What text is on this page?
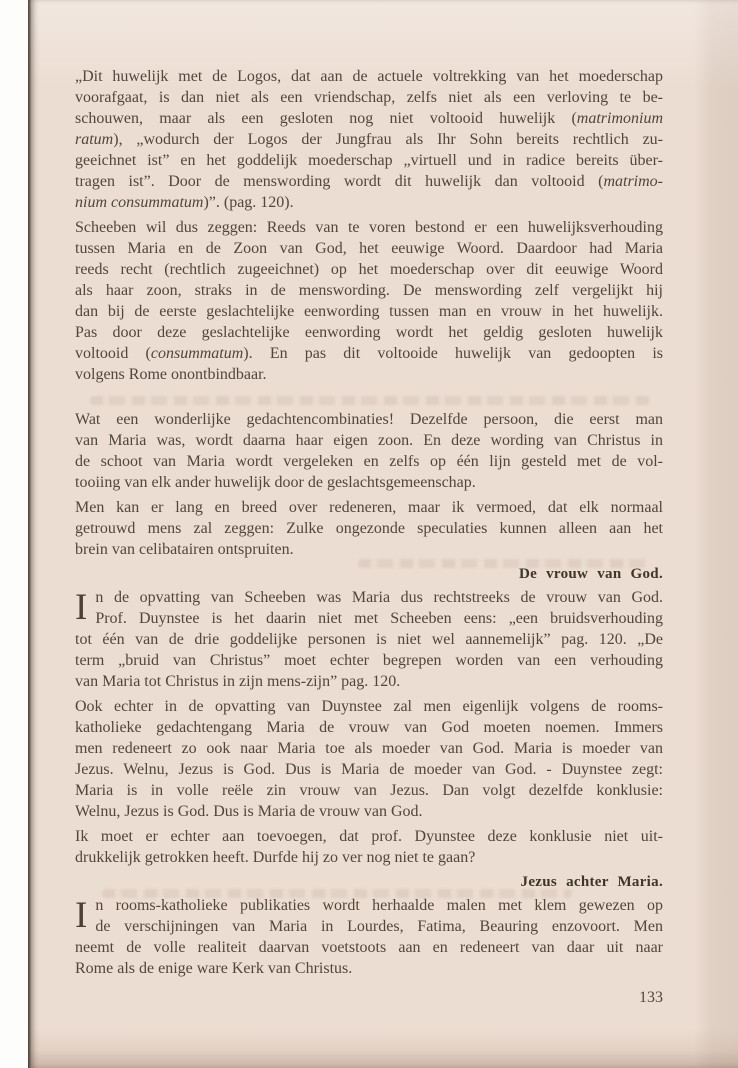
„Dit huwelijk met de Logos, dat aan de actuele voltrekking van het moederschap
voorafgaat, is dan niet als een vriendschap, zelfs niet als een verloving te be-
schouwen, maar als een gesloten nog niet voltooid huwelijk (matrimonium
ratum), „wodurch der Logos der Jungfrau als Ihr Sohn bereits rechtlich zu-
geeichnet ist” en het goddelijk moederschap „virtuell und in radice bereits über-
tragen ist”. Door de menswording wordt dit huwelijk dan voltooid (matrimo-
nium consummatum)”. (pag. 120).
Scheeben wil dus zeggen: Reeds van te voren bestond er een huwelijksverhouding
tussen Maria en de Zoon van God, het eeuwige Woord. Daardoor had Maria
reeds recht (rechtlich zugeeichnet) op het moederschap over dit eeuwige Woord
als haar zoon, straks in de menswording. De menswording zelf vergelijkt hij
dan bij de eerste geslachtelijke eenwording tussen man en vrouw in het huwelijk.
Pas door deze geslachtelijke eenwording wordt het geldig gesloten huwelijk
voltooid (consummatum). En pas dit voltooide huwelijk van gedoopten is
volgens Rome onontbindbaar.
Wat een wonderlijke gedachtencombinaties! Dezelfde persoon, die eerst man
van Maria was, wordt daarna haar eigen zoon. En deze wording van Christus in
de schoot van Maria wordt vergeleken en zelfs op één lijn gesteld met de vol-
tooiing van elk ander huwelijk door de geslachtsgemeenschap.
Men kan er lang en breed over redeneren, maar ik vermoed, dat elk normaal
getrouwd mens zal zeggen: Zulke ongezonde speculaties kunnen alleen aan het
brein van celibatairen ontspruiten.
De vrouw van God.
I n de opvatting van Scheeben was Maria dus rechtstreeks de vrouw van God.
Prof. Duynstee is het daarin niet met Scheeben eens: „een bruidsverhouding
tot één van de drie goddelijke personen is niet wel aannemelijk” pag. 120. „De
term „bruid van Christus” moet echter begrepen worden van een verhouding
van Maria tot Christus in zijn mens-zijn” pag. 120.
Ook echter in de opvatting van Duynstee zal men eigenlijk volgens de rooms-
katholieke gedachtengang Maria de vrouw van God moeten noemen. Immers
men redeneert zo ook naar Maria toe als moeder van God. Maria is moeder van
Jezus. Welnu, Jezus is God. Dus is Maria de moeder van God. - Duynstee zegt:
Maria is in volle reële zin vrouw van Jezus. Dan volgt dezelfde konklusie:
Welnu, Jezus is God. Dus is Maria de vrouw van God.
Ik moet er echter aan toevoegen, dat prof. Dyunstee deze konklusie niet uit-
drukkelijk getrokken heeft. Durfde hij zo ver nog niet te gaan?
Jezus achter Maria.
I n rooms-katholieke publikaties wordt herhaalde malen met klem gewezen op
de verschijningen van Maria in Lourdes, Fatima, Beauring enzovoort. Men
neemt de volle realiteit daarvan voetstoots aan en redeneert van daar uit naar
Rome als de enige ware Kerk van Christus.
133
